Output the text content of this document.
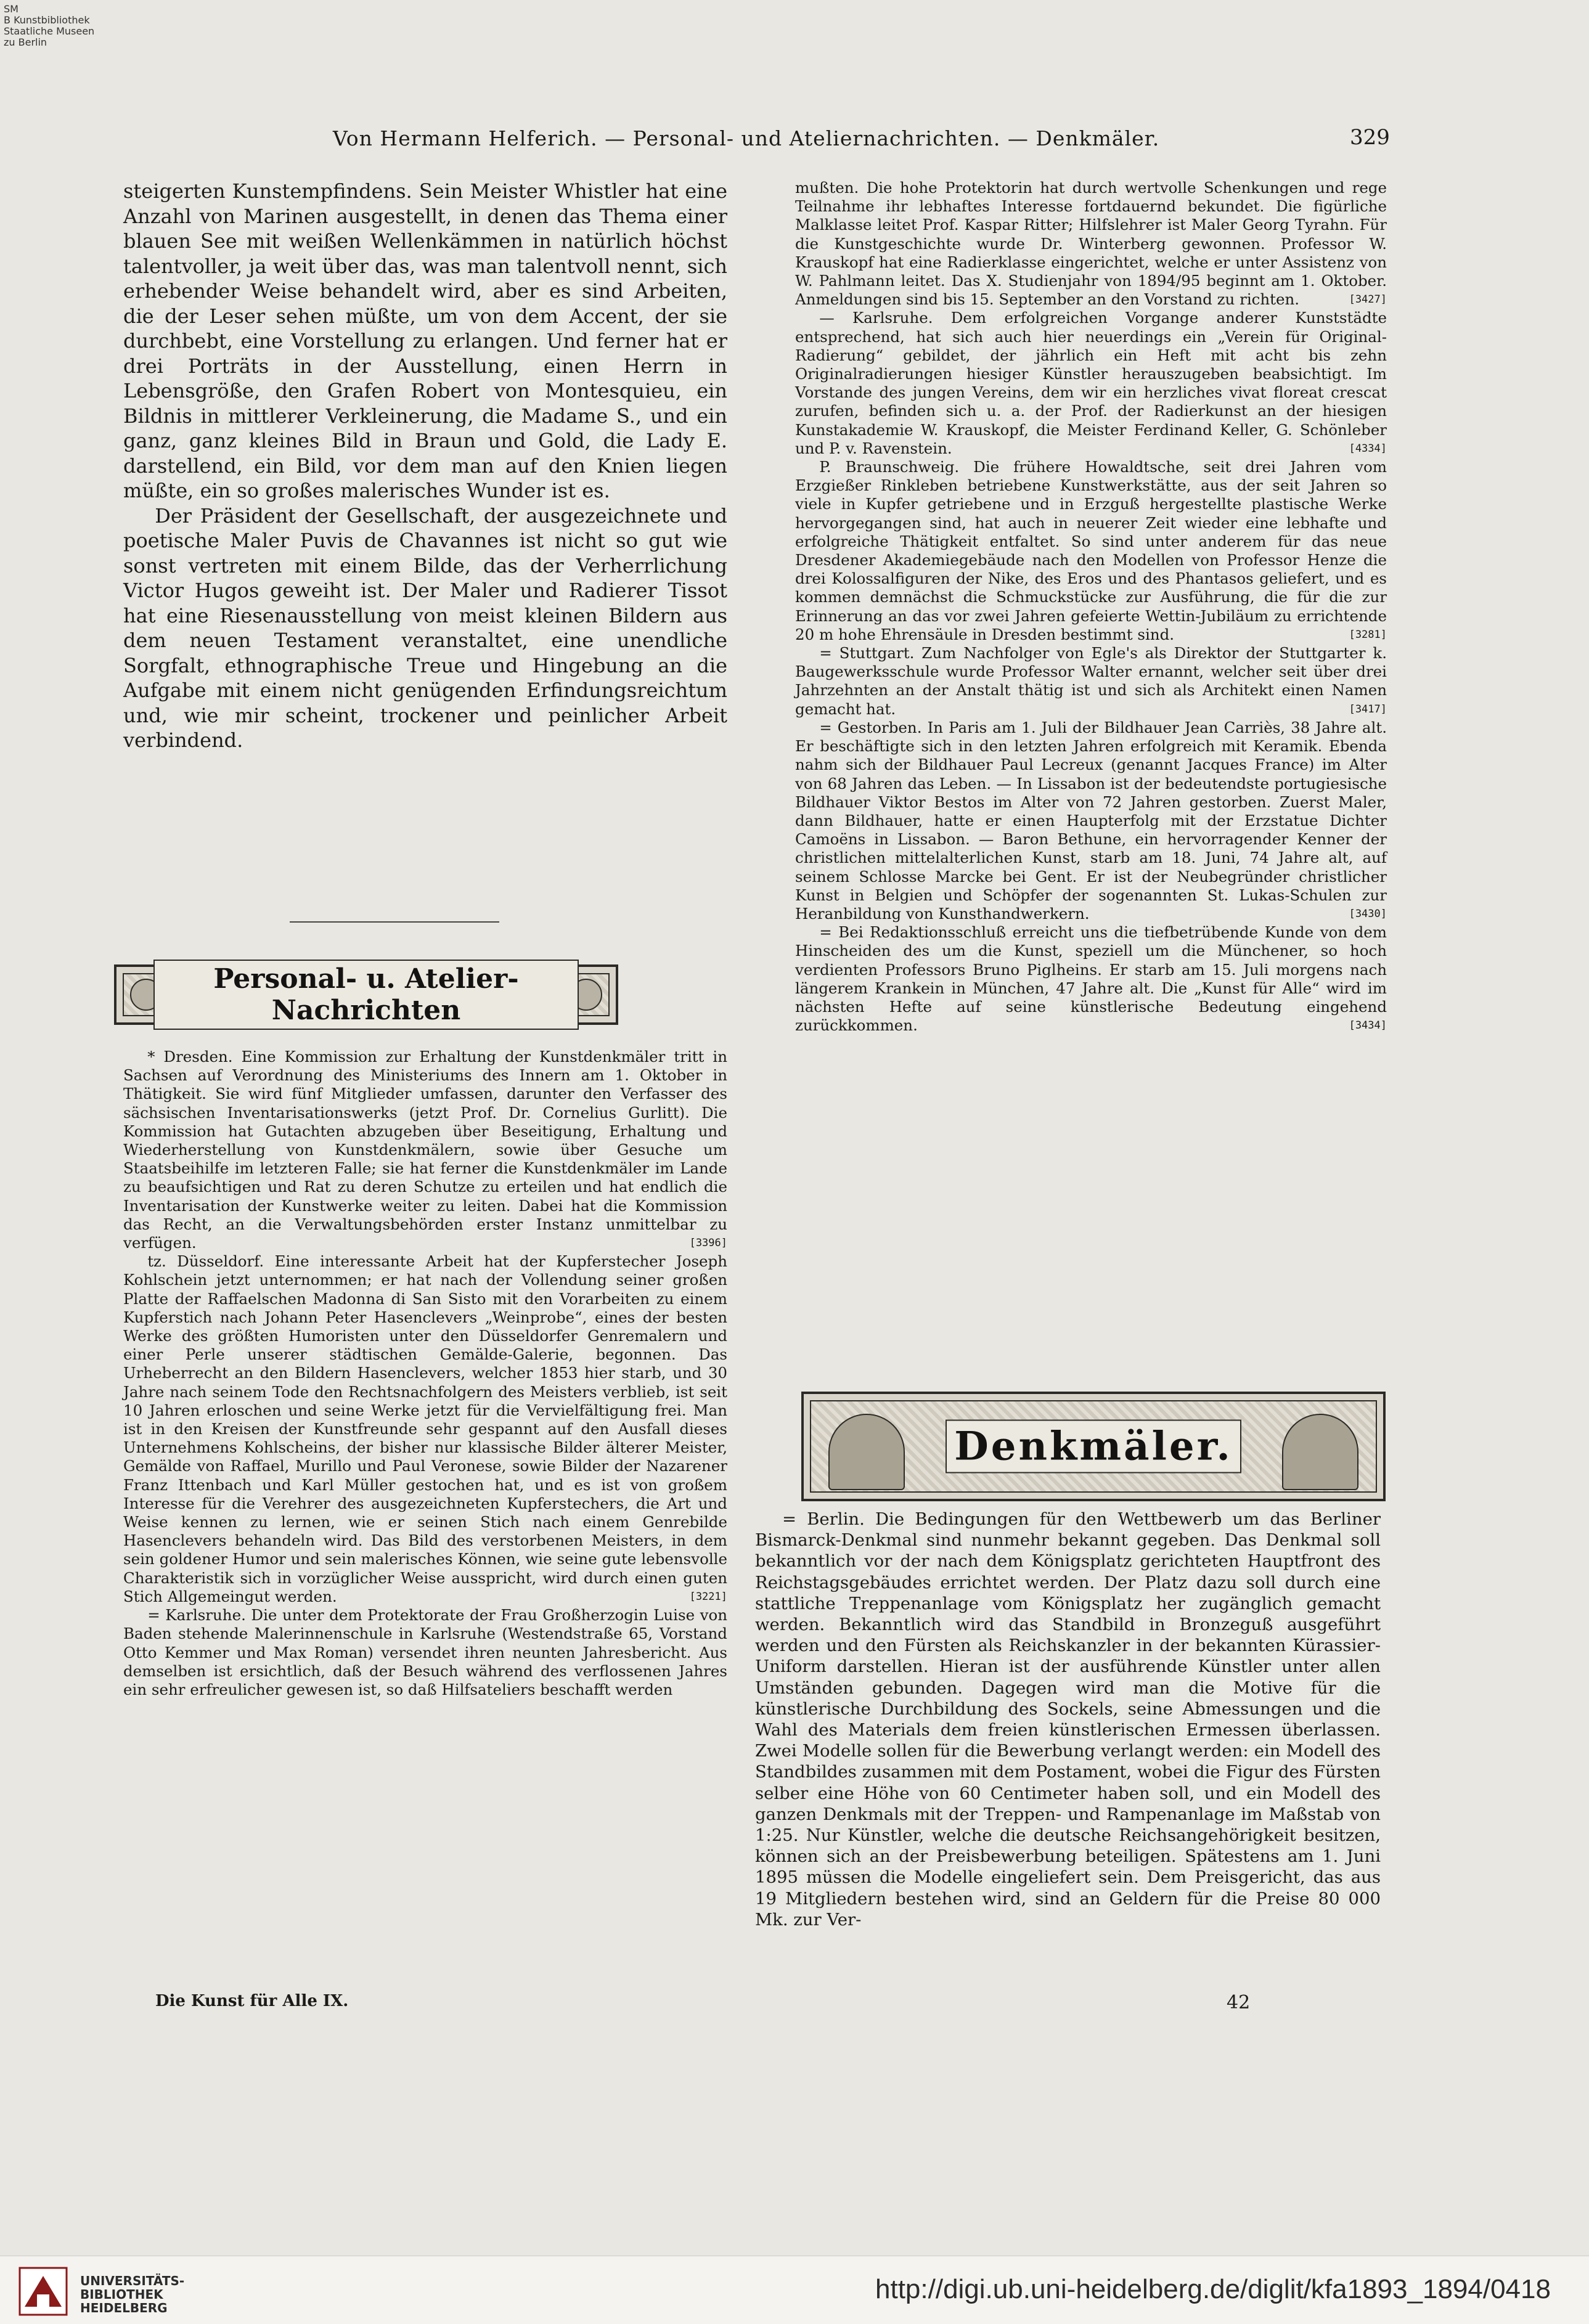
SM
B Kunstbibliothek
Staatliche Museen
zu Berlin
Von Hermann Helferich. — Personal- und Ateliernachrichten. — Denkmäler.	329

steigerten Kunstempfindens. Sein Meister Whistler hat eine Anzahl von Marinen ausgestellt, in denen das Thema einer blauen See mit weißen Wellenkämmen in natürlich höchst talentvoller, ja weit über das, was man talentvoll nennt, sich erhebender Weise behandelt wird, aber es sind Arbeiten, die der Leser sehen müßte, um von dem Accent, der sie durchbebt, eine Vorstellung zu erlangen. Und ferner hat er drei Porträts in der Ausstellung, einen Herrn in Lebensgröße, den Grafen Robert von Montesquieu, ein Bildnis in mittlerer Verkleinerung, die Madame S., und ein ganz, ganz kleines Bild in Braun und Gold, die Lady E. darstellend, ein Bild, vor dem man auf den Knien liegen müßte, ein so großes malerisches Wunder ist es.

Der Präsident der Gesellschaft, der ausgezeichnete und poetische Maler Puvis de Chavannes ist nicht so gut wie sonst vertreten mit einem Bilde, das der Verherrlichung Victor Hugos geweiht ist. Der Maler und Radierer Tissot hat eine Riesenausstellung von meist kleinen Bildern aus dem neuen Testament veranstaltet, eine unendliche Sorgfalt, ethnographische Treue und Hingebung an die Aufgabe mit einem nicht genügenden Erfindungsreichtum und, wie mir scheint, trockener und peinlicher Arbeit verbindend.

Personal- u. Atelier-Nachrichten

* Dresden. Eine Kommission zur Erhaltung der Kunstdenkmäler tritt in Sachsen auf Verordnung des Ministeriums des Innern am 1. Oktober in Thätigkeit. Sie wird fünf Mitglieder umfassen, darunter den Verfasser des sächsischen Inventarisationswerks (jetzt Prof. Dr. Cornelius Gurlitt). Die Kommission hat Gutachten abzugeben über Beseitigung, Erhaltung und Wiederherstellung von Kunstdenkmälern, sowie über Gesuche um Staatsbeihilfe im letzteren Falle; sie hat ferner die Kunstdenkmäler im Lande zu beaufsichtigen und Rat zu deren Schutze zu erteilen und hat endlich die Inventarisation der Kunstwerke weiter zu leiten. Dabei hat die Kommission das Recht, an die Verwaltungsbehörden erster Instanz unmittelbar zu verfügen.	[3396]

tz. Düsseldorf. Eine interessante Arbeit hat der Kupferstecher Joseph Kohlschein jetzt unternommen; er hat nach der Vollendung seiner großen Platte der Raffaelschen Madonna di San Sisto mit den Vorarbeiten zu einem Kupferstich nach Johann Peter Hasenclevers „Weinprobe“, eines der besten Werke des größten Humoristen unter den Düsseldorfer Genremalern und einer Perle unserer städtischen Gemälde-Galerie, begonnen. Das Urheberrecht an den Bildern Hasenclevers, welcher 1853 hier starb, und 30 Jahre nach seinem Tode den Rechtsnachfolgern des Meisters verblieb, ist seit 10 Jahren erloschen und seine Werke jetzt für die Vervielfältigung frei. Man ist in den Kreisen der Kunstfreunde sehr gespannt auf den Ausfall dieses Unternehmens Kohlscheins, der bisher nur klassische Bilder älterer Meister, Gemälde von Raffael, Murillo und Paul Veronese, sowie Bilder der Nazarener Franz Ittenbach und Karl Müller gestochen hat, und es ist von großem Interesse für die Verehrer des ausgezeichneten Kupferstechers, die Art und Weise kennen zu lernen, wie er seinen Stich nach einem Genrebilde Hasenclevers behandeln wird. Das Bild des verstorbenen Meisters, in dem sein goldener Humor und sein malerisches Können, wie seine gute lebensvolle Charakteristik sich in vorzüglicher Weise ausspricht, wird durch einen guten Stich Allgemeingut werden.	[3221]

= Karlsruhe. Die unter dem Protektorate der Frau Großherzogin Luise von Baden stehende Malerinnenschule in Karlsruhe (Westendstraße 65, Vorstand Otto Kemmer und Max Roman) versendet ihren neunten Jahresbericht. Aus demselben ist ersichtlich, daß der Besuch während des verflossenen Jahres ein sehr erfreulicher gewesen ist, so daß Hilfsateliers beschafft werden

Die Kunst für Alle IX.

mußten. Die hohe Protektorin hat durch wertvolle Schenkungen und rege Teilnahme ihr lebhaftes Interesse fortdauernd bekundet. Die figürliche Malklasse leitet Prof. Kaspar Ritter; Hilfslehrer ist Maler Georg Tyrahn. Für die Kunstgeschichte wurde Dr. Winterberg gewonnen. Professor W. Krauskopf hat eine Radierklasse eingerichtet, welche er unter Assistenz von W. Pahlmann leitet. Das X. Studienjahr von 1894/95 beginnt am 1. Oktober. Anmeldungen sind bis 15. September an den Vorstand zu richten.	[3427]

— Karlsruhe. Dem erfolgreichen Vorgange anderer Kunststädte entsprechend, hat sich auch hier neuerdings ein „Verein für Original-Radierung“ gebildet, der jährlich ein Heft mit acht bis zehn Originalradierungen hiesiger Künstler herauszugeben beabsichtigt. Im Vorstande des jungen Vereins, dem wir ein herzliches vivat floreat crescat zurufen, befinden sich u. a. der Prof. der Radierkunst an der hiesigen Kunstakademie W. Krauskopf, die Meister Ferdinand Keller, G. Schönleber und P. v. Ravenstein.	[4334]

P. Braunschweig. Die frühere Howaldtsche, seit drei Jahren vom Erzgießer Rinkleben betriebene Kunstwerkstätte, aus der seit Jahren so viele in Kupfer getriebene und in Erzguß hergestellte plastische Werke hervorgegangen sind, hat auch in neuerer Zeit wieder eine lebhafte und erfolgreiche Thätigkeit entfaltet. So sind unter anderem für das neue Dresdener Akademiegebäude nach den Modellen von Professor Henze die drei Kolossalfiguren der Nike, des Eros und des Phantasos geliefert, und es kommen demnächst die Schmuckstücke zur Ausführung, die für die zur Erinnerung an das vor zwei Jahren gefeierte Wettin-Jubiläum zu errichtende 20 m hohe Ehrensäule in Dresden bestimmt sind.	[3281]

= Stuttgart. Zum Nachfolger von Egle's als Direktor der Stuttgarter k. Baugewerksschule wurde Professor Walter ernannt, welcher seit über drei Jahrzehnten an der Anstalt thätig ist und sich als Architekt einen Namen gemacht hat.	[3417]

= Gestorben. In Paris am 1. Juli der Bildhauer Jean Carriès, 38 Jahre alt. Er beschäftigte sich in den letzten Jahren erfolgreich mit Keramik. Ebenda nahm sich der Bildhauer Paul Lecreux (genannt Jacques France) im Alter von 68 Jahren das Leben. — In Lissabon ist der bedeutendste portugiesische Bildhauer Viktor Bestos im Alter von 72 Jahren gestorben. Zuerst Maler, dann Bildhauer, hatte er einen Haupterfolg mit der Erzstatue Dichter Camoëns in Lissabon. — Baron Bethune, ein hervorragender Kenner der christlichen mittelalterlichen Kunst, starb am 18. Juni, 74 Jahre alt, auf seinem Schlosse Marcke bei Gent. Er ist der Neubegründer christlicher Kunst in Belgien und Schöpfer der sogenannten St. Lukas-Schulen zur Heranbildung von Kunsthandwerkern.	[3430]

= Bei Redaktionsschluß erreicht uns die tiefbetrübende Kunde von dem Hinscheiden des um die Kunst, speziell um die Münchener, so hoch verdienten Professors Bruno Piglheins. Er starb am 15. Juli morgens nach längerem Krankein in München, 47 Jahre alt. Die „Kunst für Alle“ wird im nächsten Hefte auf seine künstlerische Bedeutung eingehend zurückkommen.	[3434]

Denkmäler.

= Berlin. Die Bedingungen für den Wettbewerb um das Berliner Bismarck-Denkmal sind nunmehr bekannt gegeben. Das Denkmal soll bekanntlich vor der nach dem Königsplatz gerichteten Hauptfront des Reichstagsgebäudes errichtet werden. Der Platz dazu soll durch eine stattliche Treppenanlage vom Königsplatz her zugänglich gemacht werden. Bekanntlich wird das Standbild in Bronzeguß ausgeführt werden und den Fürsten als Reichskanzler in der bekannten Kürassier-Uniform darstellen. Hieran ist der ausführende Künstler unter allen Umständen gebunden. Dagegen wird man die Motive für die künstlerische Durchbildung des Sockels, seine Abmessungen und die Wahl des Materials dem freien künstlerischen Ermessen überlassen. Zwei Modelle sollen für die Bewerbung verlangt werden: ein Modell des Standbildes zusammen mit dem Postament, wobei die Figur des Fürsten selber eine Höhe von 60 Centimeter haben soll, und ein Modell des ganzen Denkmals mit der Treppen- und Rampenanlage im Maßstab von 1:25. Nur Künstler, welche die deutsche Reichsangehörigkeit besitzen, können sich an der Preisbewerbung beteiligen. Spätestens am 1. Juni 1895 müssen die Modelle eingeliefert sein. Dem Preisgericht, das aus 19 Mitgliedern bestehen wird, sind an Geldern für die Preise 80 000 Mk. zur Ver-

42
UNIVERSITÄTS-
BIBLIOTHEK
HEIDELBERG
http://digi.ub.uni-heidelberg.de/diglit/kfa1893_1894/0418
